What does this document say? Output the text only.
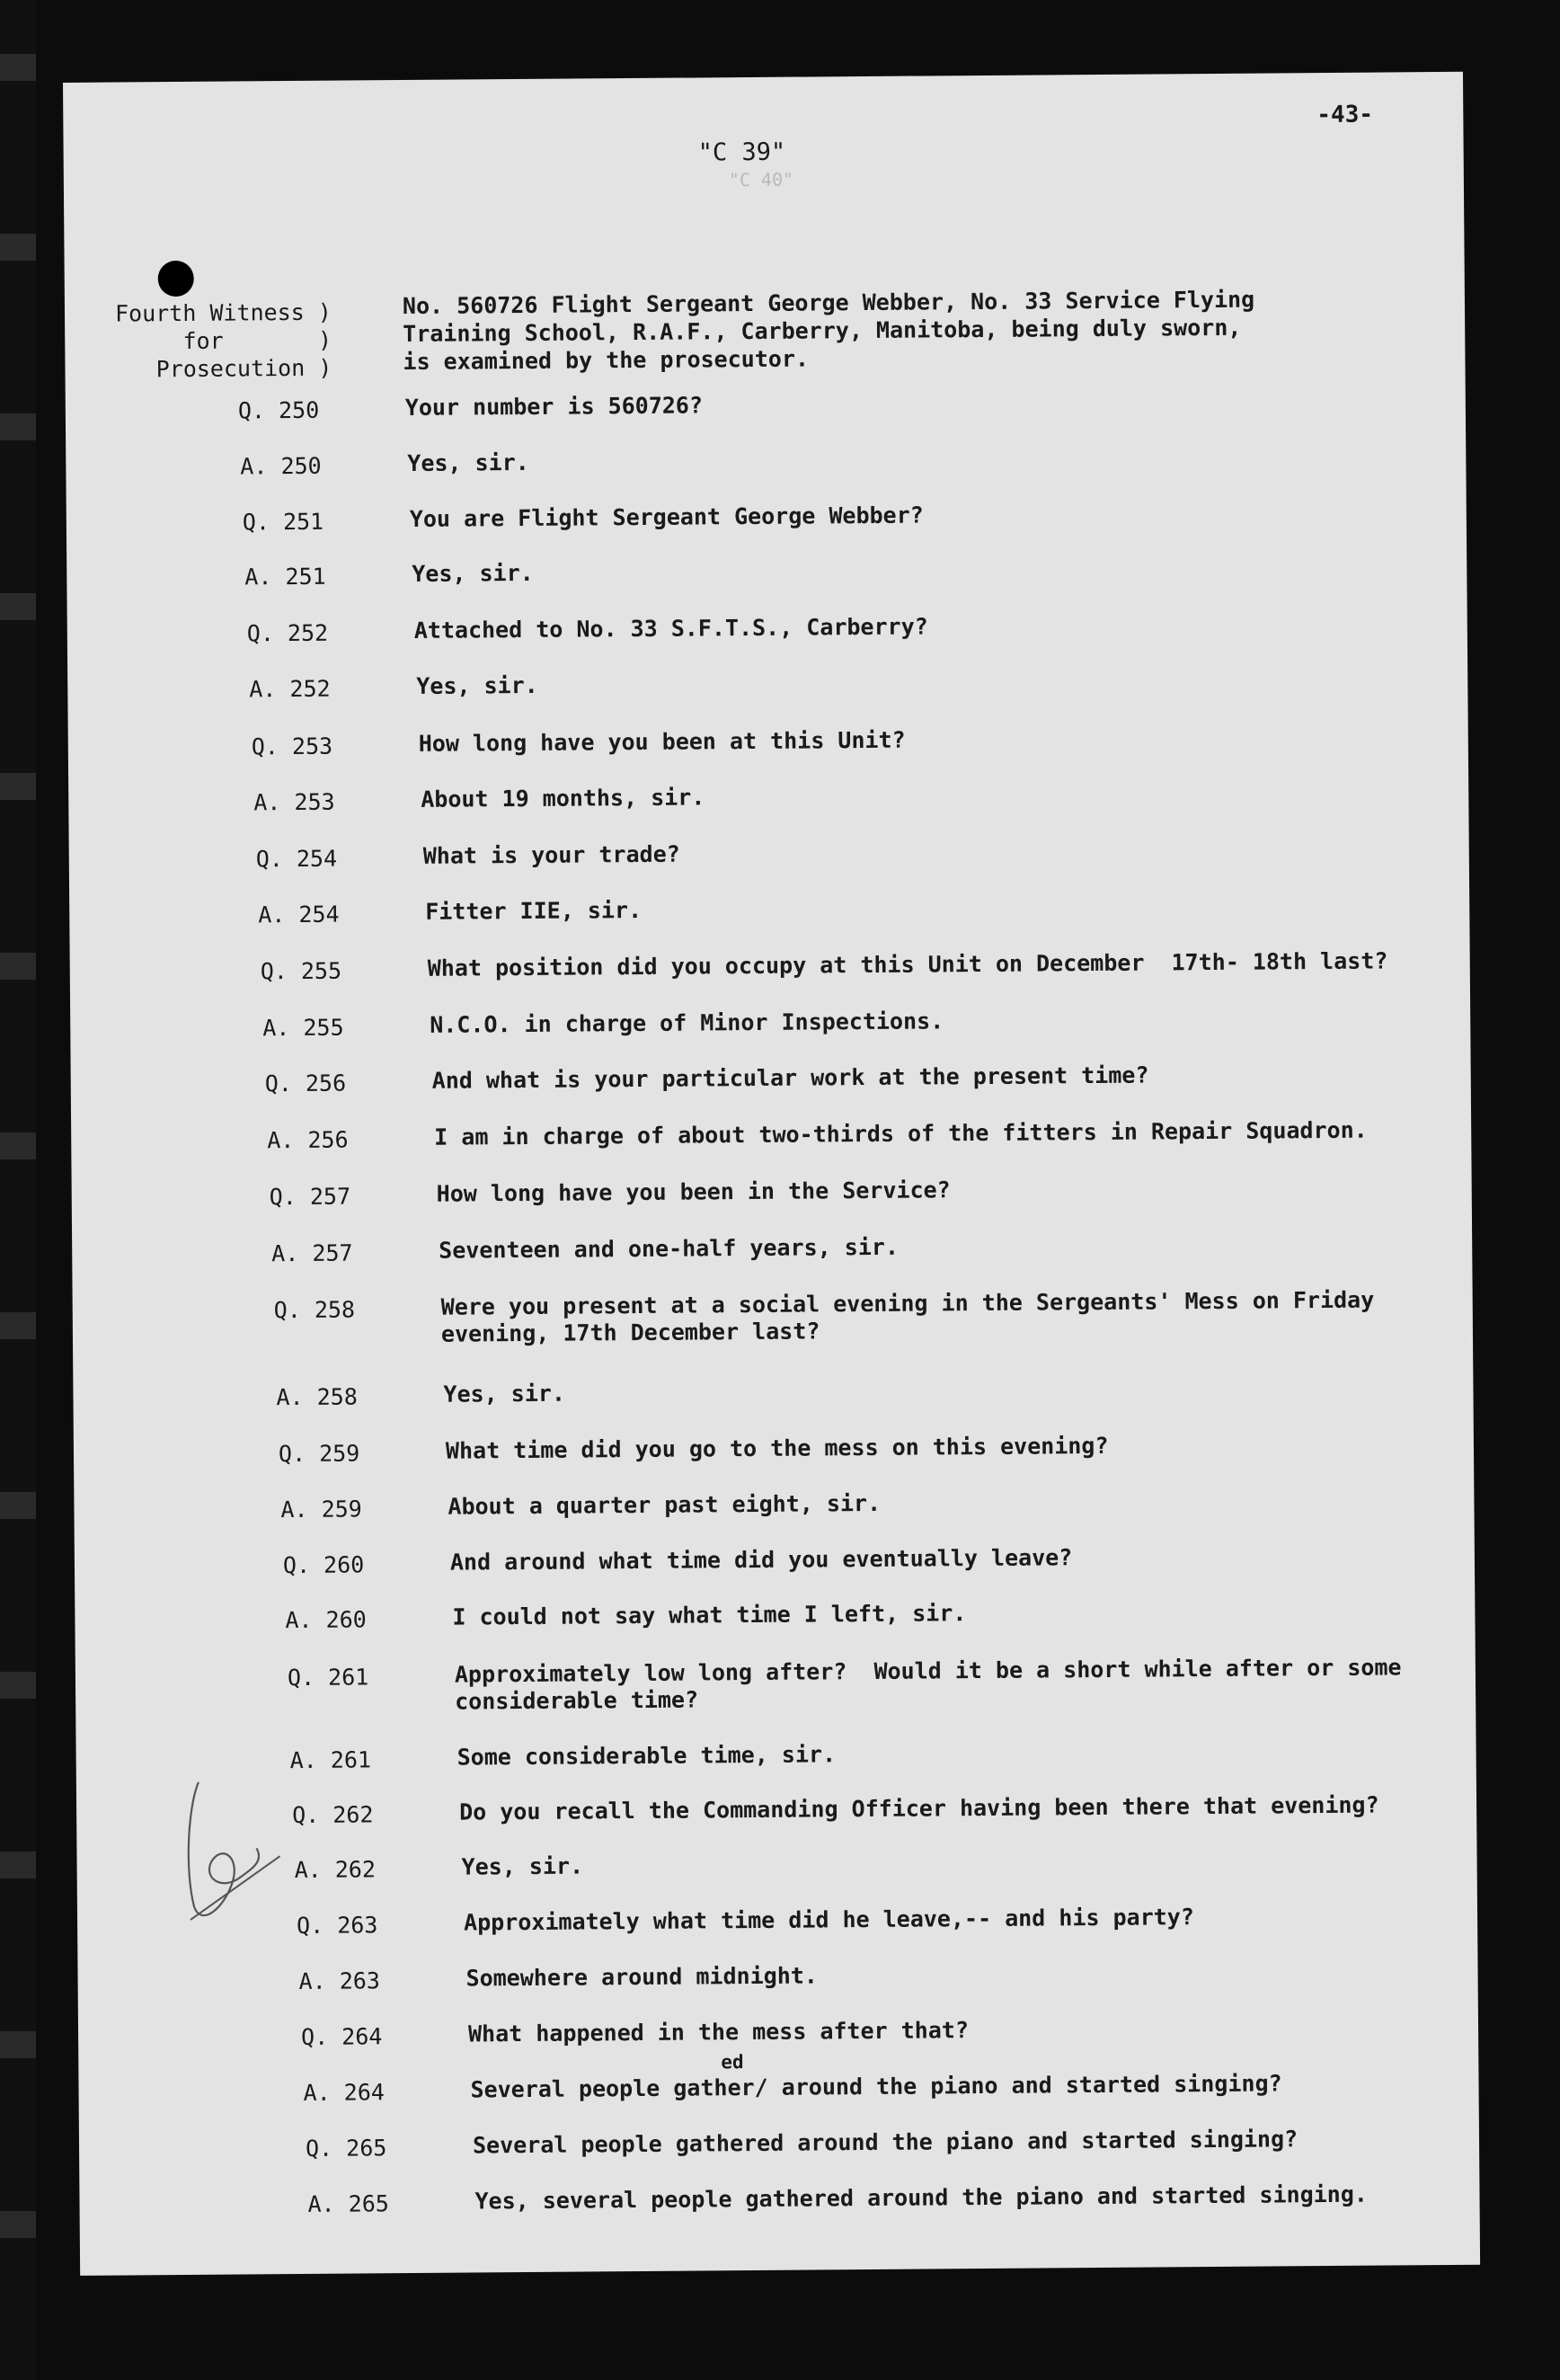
-43-
"C 39"
"C 40"
Fourth Witness )
for       )
Prosecution )
No. 560726 Flight Sergeant George Webber, No. 33 Service Flying
Training School, R.A.F., Carberry, Manitoba, being duly sworn,
is examined by the prosecutor.
Q. 250	Your number is 560726?
A. 250	Yes, sir.
Q. 251	You are Flight Sergeant George Webber?
A. 251	Yes, sir.
Q. 252	Attached to No. 33 S.F.T.S., Carberry?
A. 252	Yes, sir.
Q. 253	How long have you been at this Unit?
A. 253	About 19 months, sir.
Q. 254	What is your trade?
A. 254	Fitter IIE, sir.
Q. 255	What position did you occupy at this Unit on December  17th- 18th last?
A. 255	N.C.O. in charge of Minor Inspections.
Q. 256	And what is your particular work at the present time?
A. 256	I am in charge of about two-thirds of the fitters in Repair Squadron.
Q. 257	How long have you been in the Service?
A. 257	Seventeen and one-half years, sir.
Q. 258	Were you present at a social evening in the Sergeants' Mess on Friday
evening, 17th December last?
A. 258	Yes, sir.
Q. 259	What time did you go to the mess on this evening?
A. 259	About a quarter past eight, sir.
Q. 260	And around what time did you eventually leave?
A. 260	I could not say what time I left, sir.
Q. 261	Approximately low long after?  Would it be a short while after or some
considerable time?
A. 261	Some considerable time, sir.
Q. 262	Do you recall the Commanding Officer having been there that evening?
A. 262	Yes, sir.
Q. 263	Approximately what time did he leave,-- and his party?
A. 263	Somewhere around midnight.
Q. 264	What happened in the mess after that?
A. 264	Several people gather/ around the piano and started singing?
ed
Q. 265	Several people gathered around the piano and started singing?
A. 265	Yes, several people gathered around the piano and started singing.
